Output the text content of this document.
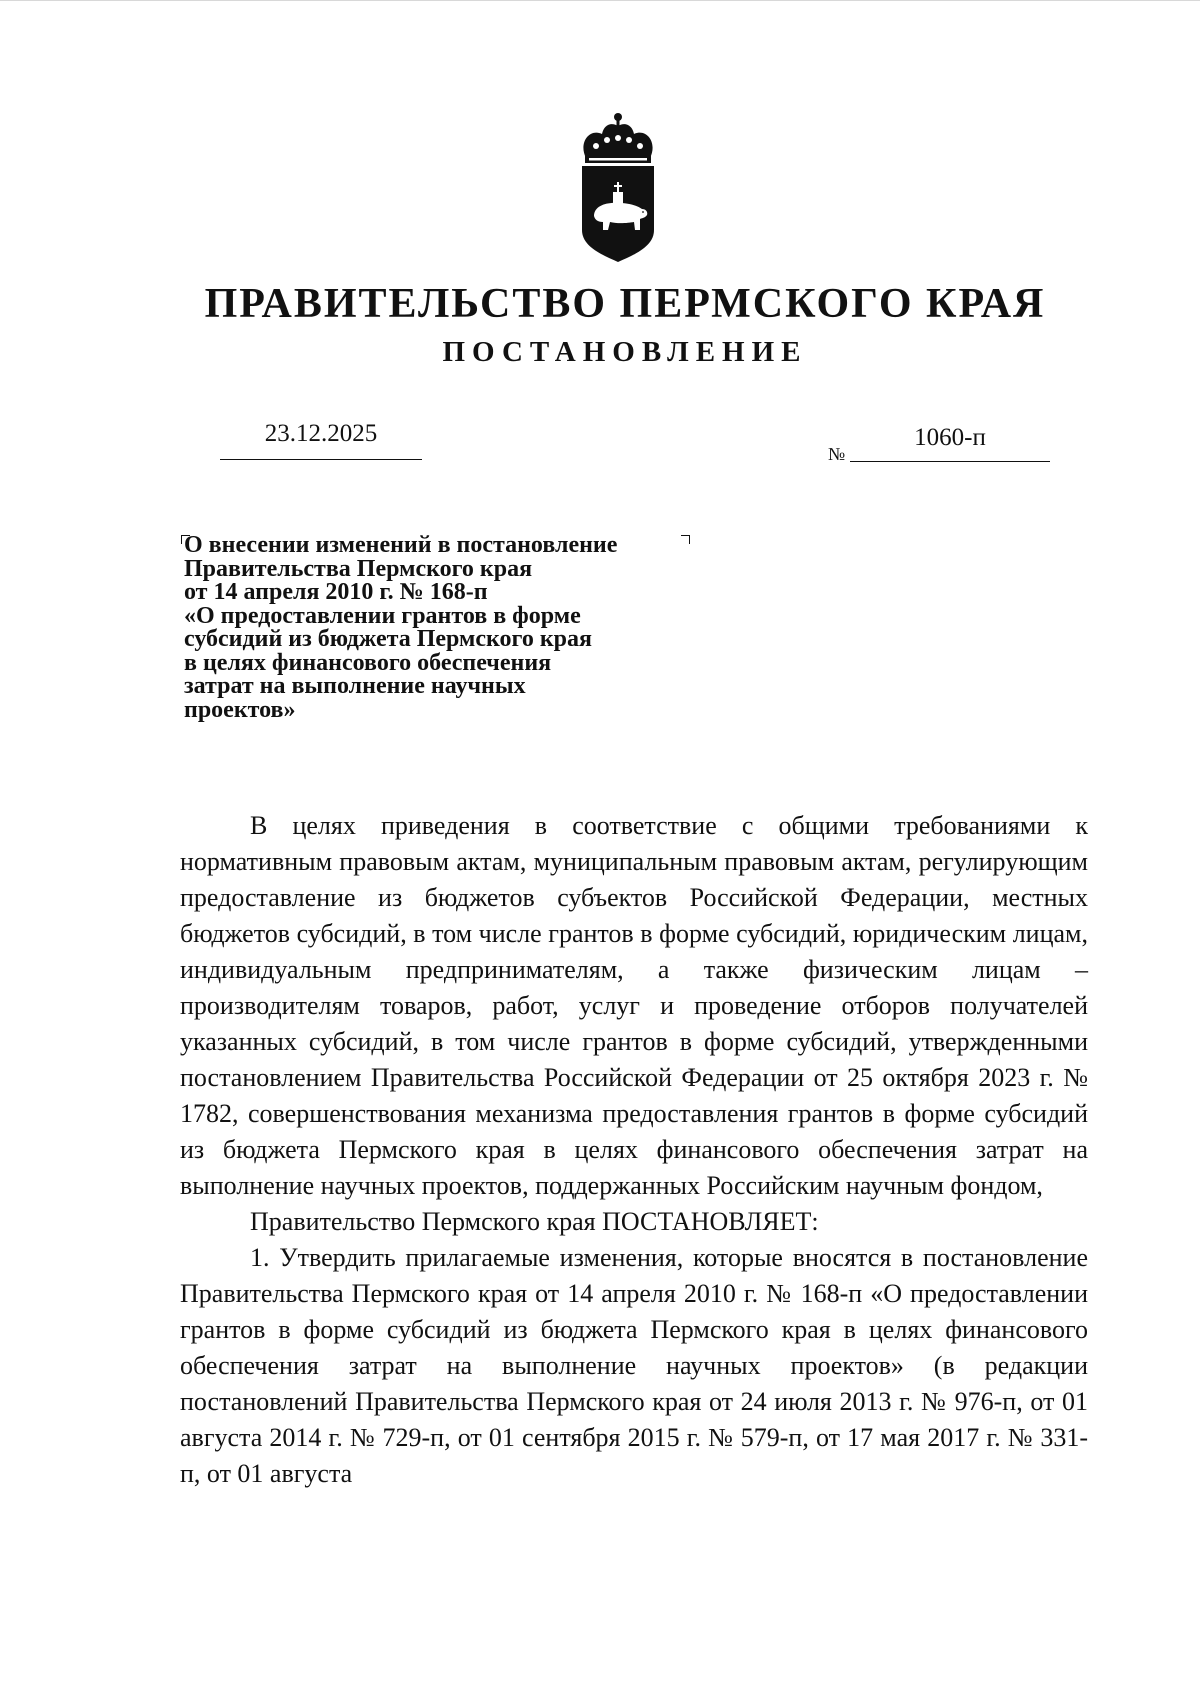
ПРАВИТЕЛЬСТВО ПЕРМСКОГО КРАЯ
ПОСТАНОВЛЕНИЕ
23.12.2025
№
1060-п
О внесении изменений в постановление
Правительства Пермского края
от 14 апреля 2010 г. № 168-п
«О предоставлении грантов в форме
субсидий из бюджета Пермского края
в целях финансового обеспечения
затрат на выполнение научных
проектов»

В целях приведения в соответствие с общими требованиями к нормативным правовым актам, муниципальным правовым актам, регулирующим предоставление из бюджетов субъектов Российской Федерации, местных бюджетов субсидий, в том числе грантов в форме субсидий, юридическим лицам, индивидуальным предпринимателям, а также физическим лицам – производителям товаров, работ, услуг и проведение отборов получателей указанных субсидий, в том числе грантов в форме субсидий, утвержденными постановлением Правительства Российской Федерации от 25 октября 2023 г. № 1782, совершенствования механизма предоставления грантов в форме субсидий из бюджета Пермского края в целях финансового обеспечения затрат на выполнение научных проектов, поддержанных Российским научным фондом,

Правительство Пермского края ПОСТАНОВЛЯЕТ:

1. Утвердить прилагаемые изменения, которые вносятся в постановление Правительства Пермского края от 14 апреля 2010 г. № 168-п «О предоставлении грантов в форме субсидий из бюджета Пермского края в целях финансового обеспечения затрат на выполнение научных проектов» (в редакции постановлений Правительства Пермского края от 24 июля 2013 г. № 976-п, от 01 августа 2014 г. № 729-п, от 01 сентября 2015 г. № 579-п, от 17 мая 2017 г. № 331-п, от 01 августа
